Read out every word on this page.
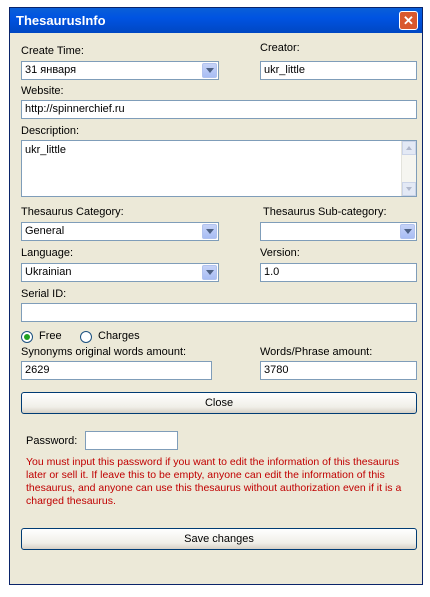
ThesaurusInfo	✕
Create Time:
31 января
Creator:
ukr_little
Website:
http://spinnerchief.ru
Description:
ukr_little
Thesaurus Category:
General
Thesaurus Sub-category:
Language:
Ukrainian
Version:
1.0
Serial ID:
Free	Charges
Synonyms original words amount:
2629
Words/Phrase amount:
3780
Close
Password:
You must input this password if you want to edit the information of this thesaurus later or sell it. If leave this to be empty, anyone can edit the information of this thesaurus, and anyone can use this thesaurus without authorization even if it is a charged thesaurus.
Save changes
